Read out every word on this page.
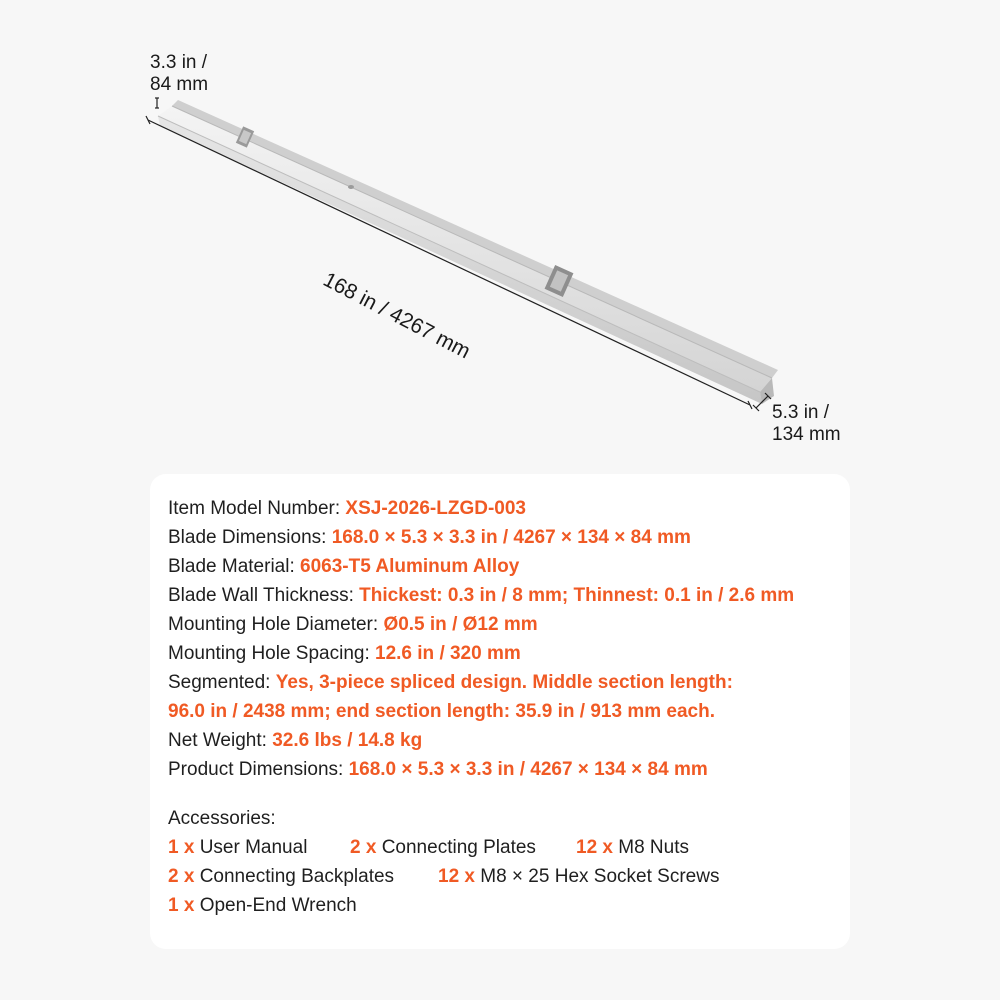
3.3 in /
84 mm
168 in / 4267 mm
5.3 in /
134 mm
Item Model Number: XSJ-2026-LZGD-003
Blade Dimensions: 168.0 × 5.3 × 3.3 in / 4267 × 134 × 84 mm
Blade Material: 6063-T5 Aluminum Alloy
Blade Wall Thickness: Thickest: 0.3 in / 8 mm; Thinnest: 0.1 in / 2.6 mm
Mounting Hole Diameter: Ø0.5 in / Ø12 mm
Mounting Hole Spacing: 12.6 in / 320 mm
Segmented: Yes, 3-piece spliced design. Middle section length:
96.0 in / 2438 mm; end section length: 35.9 in / 913 mm each.
Net Weight: 32.6 lbs / 14.8 kg
Product Dimensions: 168.0 × 5.3 × 3.3 in / 4267 × 134 × 84 mm
Accessories:
1 x User Manual 2 x Connecting Plates 12 x M8 Nuts
2 x Connecting Backplates 12 x M8 × 25 Hex Socket Screws
1 x Open-End Wrench
